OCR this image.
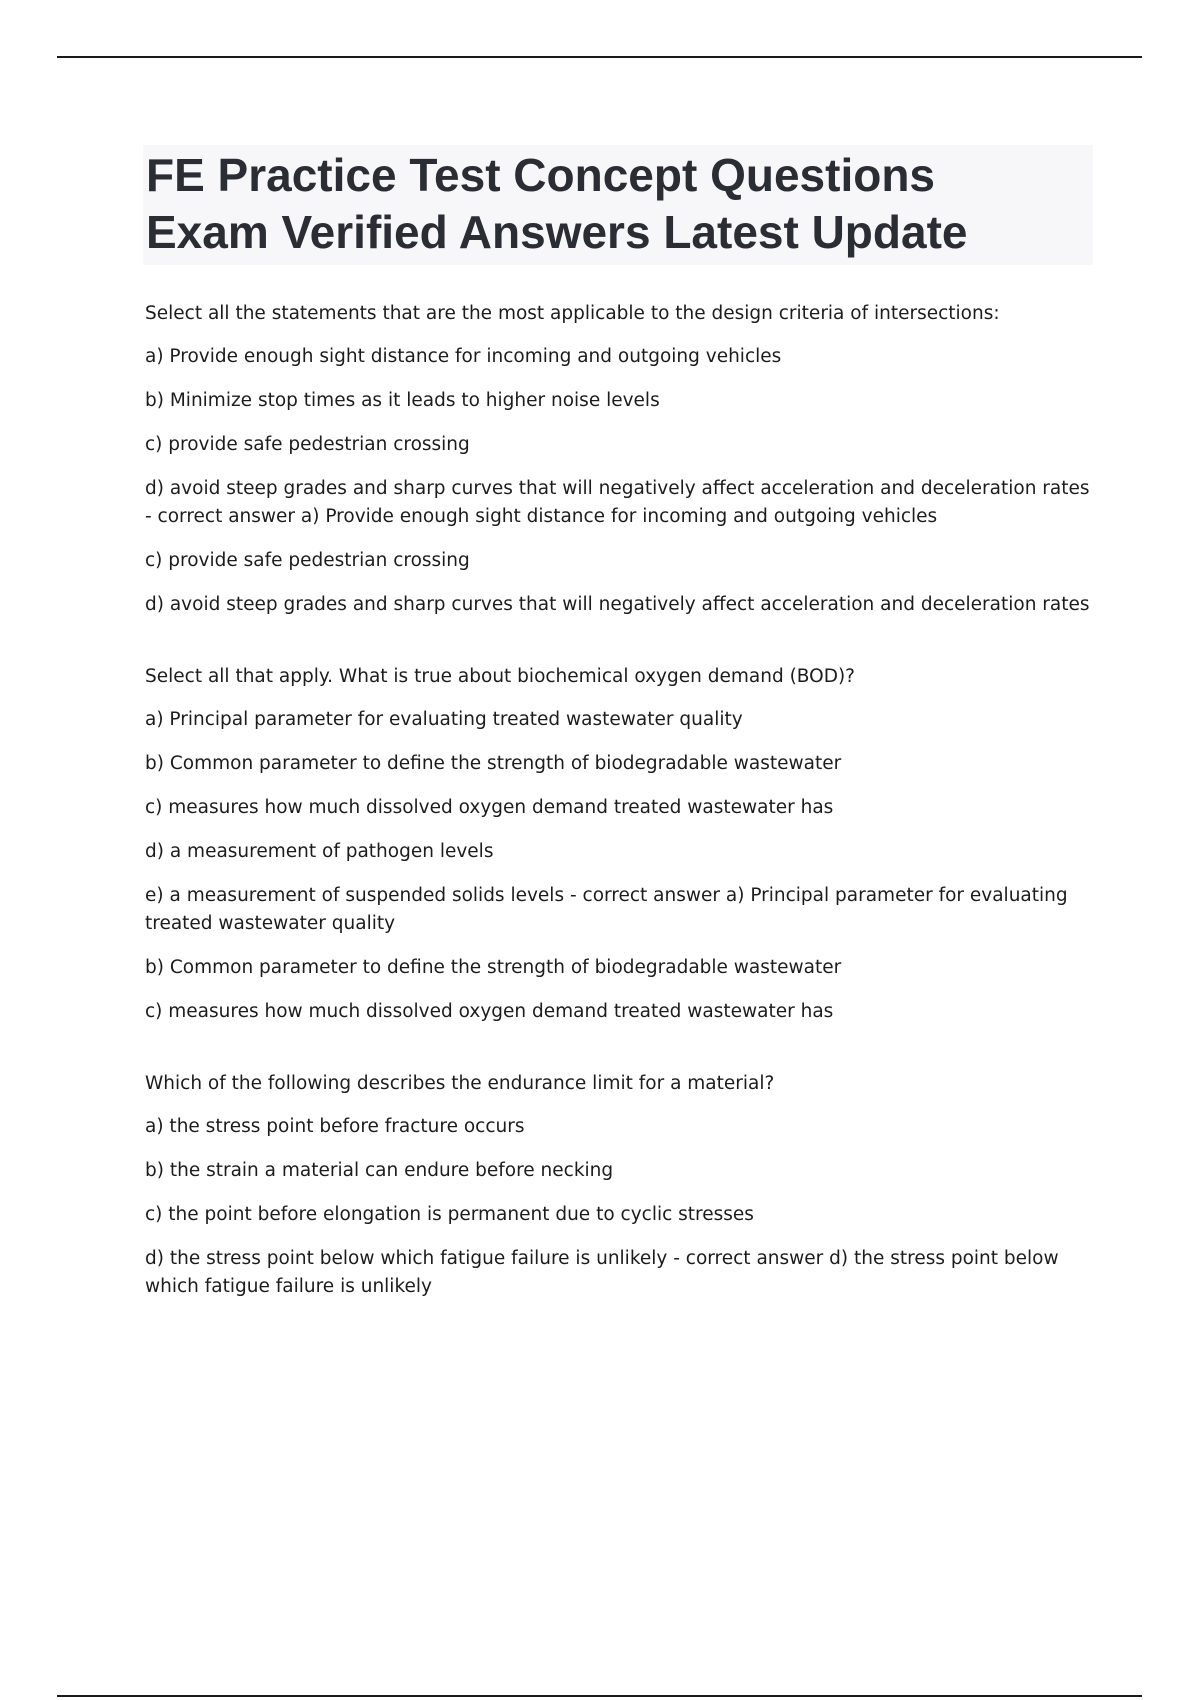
FE Practice Test Concept Questions
Exam Verified Answers Latest Update
Select all the statements that are the most applicable to the design criteria of intersections:
a) Provide enough sight distance for incoming and outgoing vehicles
b) Minimize stop times as it leads to higher noise levels
c) provide safe pedestrian crossing
d) avoid steep grades and sharp curves that will negatively affect acceleration and deceleration rates - correct answer a) Provide enough sight distance for incoming and outgoing vehicles
c) provide safe pedestrian crossing
d) avoid steep grades and sharp curves that will negatively affect acceleration and deceleration rates
Select all that apply. What is true about biochemical oxygen demand (BOD)?
a) Principal parameter for evaluating treated wastewater quality
b) Common parameter to define the strength of biodegradable wastewater
c) measures how much dissolved oxygen demand treated wastewater has
d) a measurement of pathogen levels
e) a measurement of suspended solids levels - correct answer a) Principal parameter for evaluating treated wastewater quality
b) Common parameter to define the strength of biodegradable wastewater
c) measures how much dissolved oxygen demand treated wastewater has
Which of the following describes the endurance limit for a material?
a) the stress point before fracture occurs
b) the strain a material can endure before necking
c) the point before elongation is permanent due to cyclic stresses
d) the stress point below which fatigue failure is unlikely - correct answer d) the stress point below which fatigue failure is unlikely
